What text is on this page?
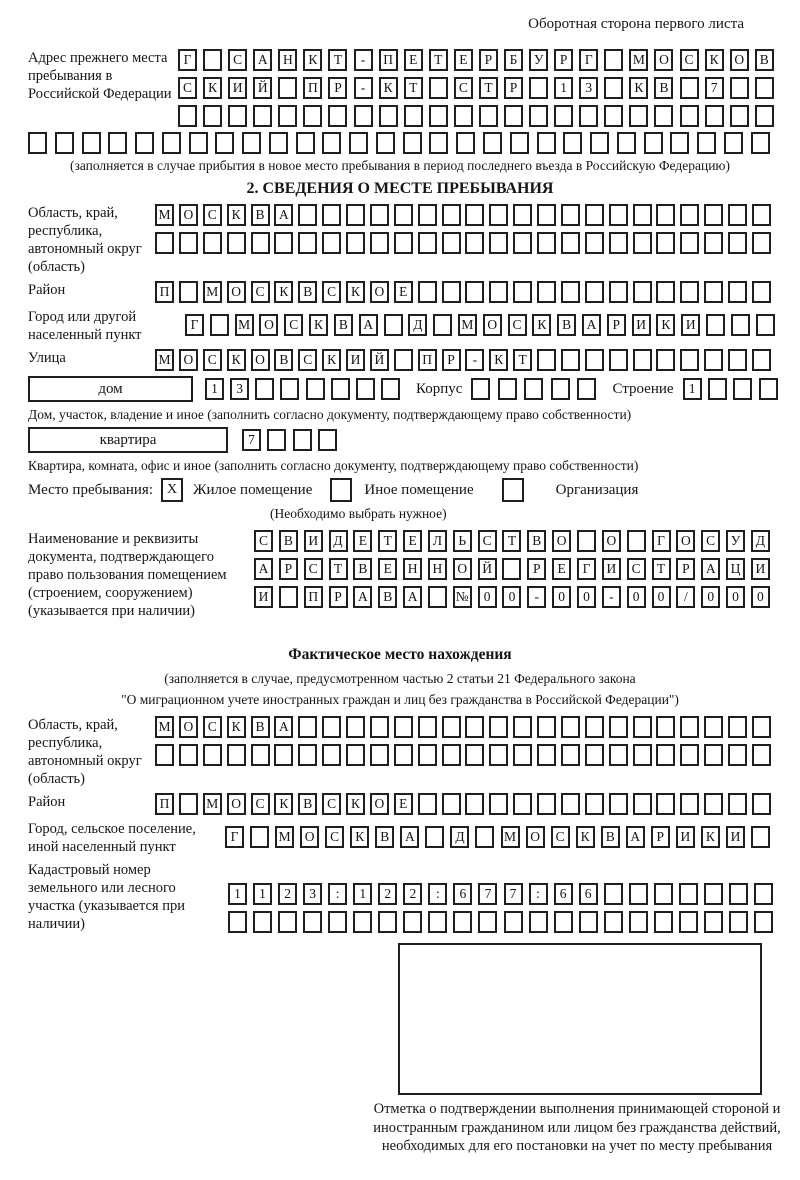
Оборотная сторона первого листа
Адрес прежнего места пребывания в Российской Федерации
Г	С	А	Н	К	Т	-	П	Е	Т	Е	Р	Б	У	Р	Г	М	О	С	К	О	В
С	К	И	Й	П	Р	-	К	Т	С	Т	Р	1	3	К	В	7
(заполняется в случае прибытия в новое место пребывания в период последнего въезда в Российскую Федерацию)
2. СВЕДЕНИЯ О МЕСТЕ ПРЕБЫВАНИЯ
Область, край, республика, автономный округ (область)
М О	С	К	В	А
Район	П	М О	С	К	В	С	К	О	Е
Город или другой населенный пункт
Г	М	О	С	К	В	А	Д	М	О	С	К	В	А	Р	И	К	И
Улица	М О	С	К	О	В	С	К	И	Й	П	Р	-	К	Т
дом	1	3	Корпус	Строение	1
Дом, участок, владение и иное (заполнить согласно документу, подтверждающему право собственности)
квартира	7
Квартира, комната, офис и иное (заполнить согласно документу, подтверждающему право собственности)
Место пребывания: X Жилое помещение	Иное помещение	Организация
(Необходимо выбрать нужное)
Наименование и реквизиты документа, подтверждающего право пользования помещением (строением, сооружением) (указывается при наличии)
С	В	И	Д	Е	Т	Е	Л	Ь	С	Т	В	О	О	Г	О	С	У	Д
А	Р	С	Т	В	Е	Н	Н	О	Й	Р	Е	Г	И	С	Т	Р	А	Ц	И
И	П	Р	А	В	А	№	0	0	-	0	0	-	0	0	/	0	0	0
Фактическое место нахождения
(заполняется в случае, предусмотренном частью 2 статьи 21 Федерального закона
"О миграционном учете иностранных граждан и лиц без гражданства в Российской Федерации")
Область, край, республика, автономный округ (область)
М О	С	К	В	А
Район	П	М О	С	К	В	С	К	О	Е
Город, сельское поселение, иной населенный пункт
Г	М	О	С	К	В	А	Д	М	О	С	К	В	А	Р	И	К	И
Кадастровый номер земельного или лесного участка (указывается при наличии)
1	1	2	3	:	1	2	2	:	6	7	7	:	6	6
Отметка о подтверждении выполнения принимающей стороной и иностранным гражданином или лицом без гражданства действий, необходимых для его постановки на учет по месту пребывания
